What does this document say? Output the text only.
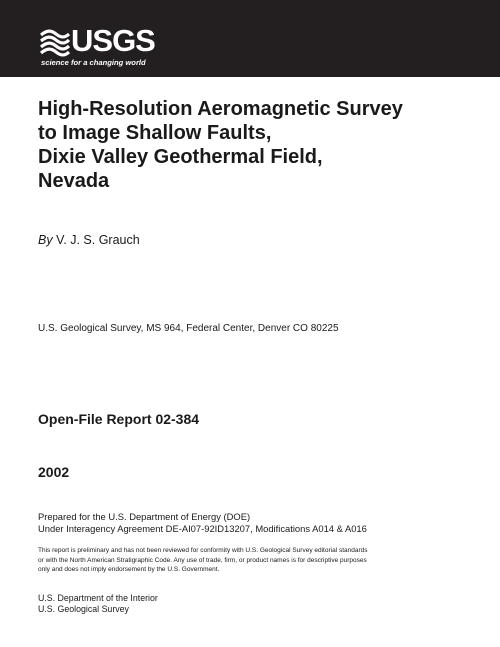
USGS
science for a changing world
High-Resolution Aeromagnetic Survey
to Image Shallow Faults,
Dixie Valley Geothermal Field,
Nevada
By V. J. S. Grauch
U.S. Geological Survey, MS 964, Federal Center, Denver CO 80225
Open-File Report 02-384
2002
Prepared for the U.S. Department of Energy (DOE)
Under Interagency Agreement DE-AI07-92ID13207, Modifications A014 & A016
This report is preliminary and has not been reviewed for conformity with U.S. Geological Survey editorial standards
or with the North American Stratigraphic Code. Any use of trade, firm, or product names is for descriptive purposes
only and does not imply endorsement by the U.S. Government.
U.S. Department of the Interior
U.S. Geological Survey
